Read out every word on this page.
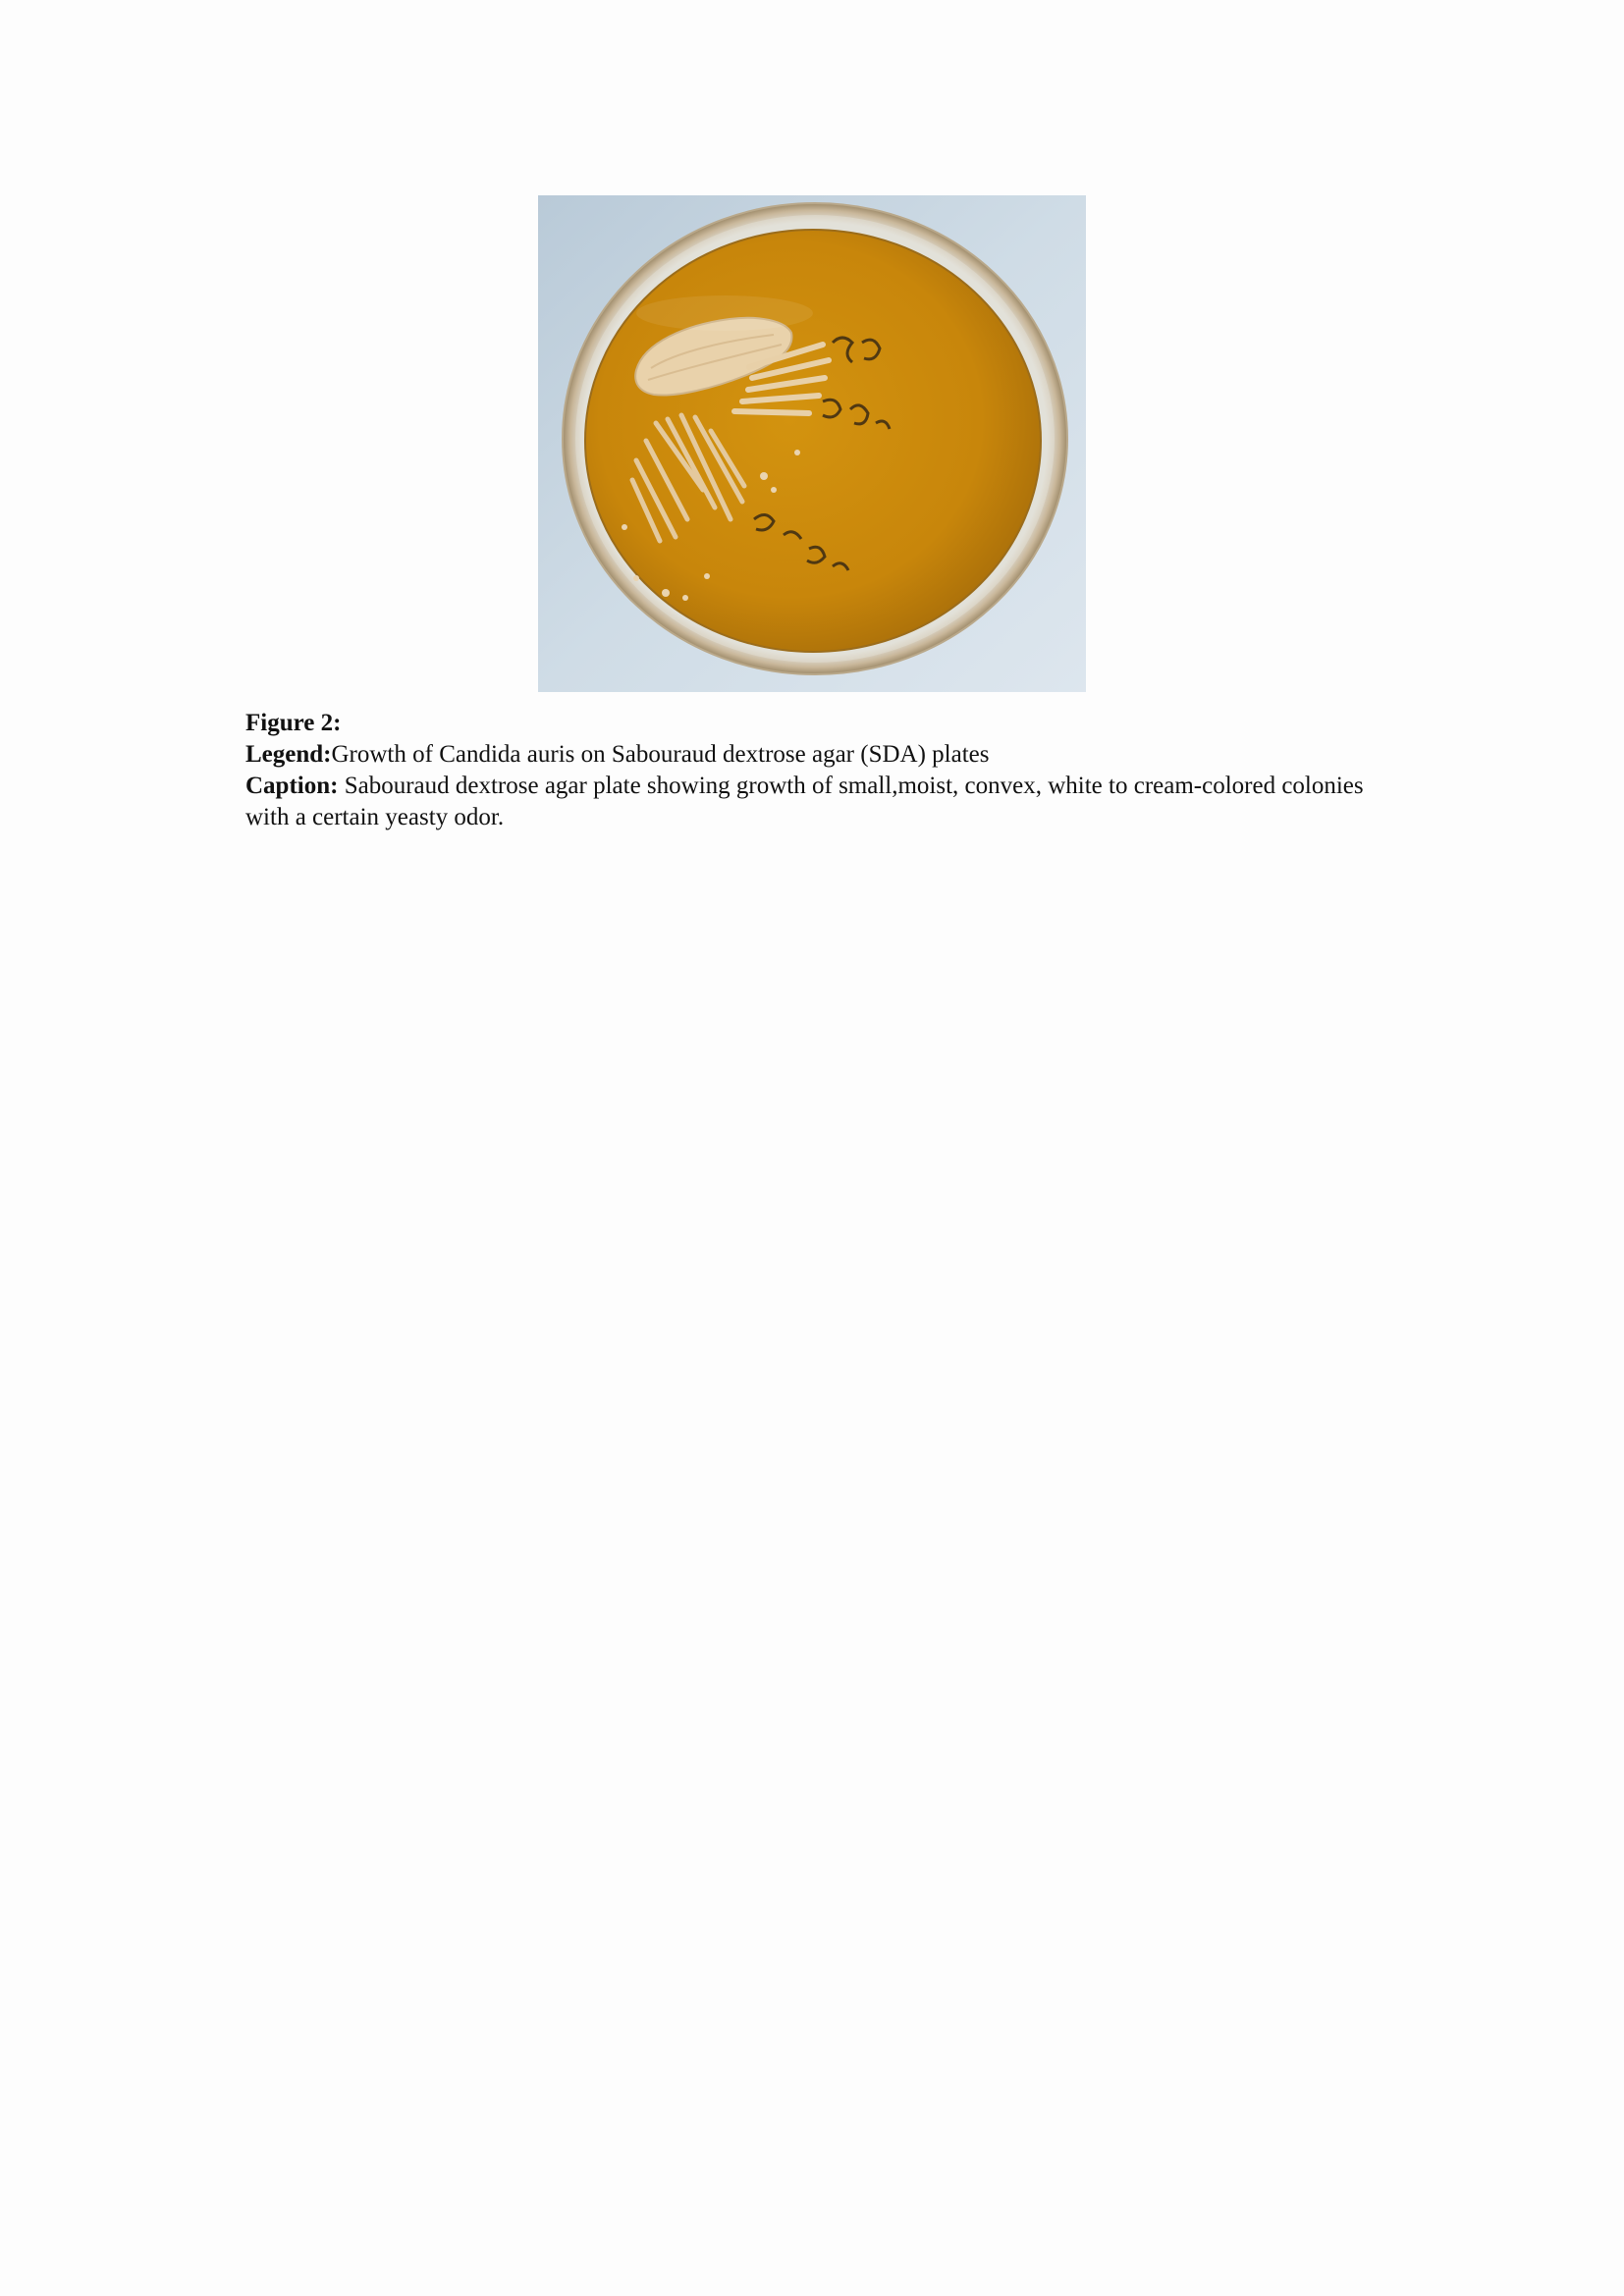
Figure 2:

Legend:Growth of Candida auris on Sabouraud dextrose agar (SDA) plates

Caption: Sabouraud dextrose agar plate showing growth of small,moist, convex, white to cream-colored colonies with a certain yeasty odor.
